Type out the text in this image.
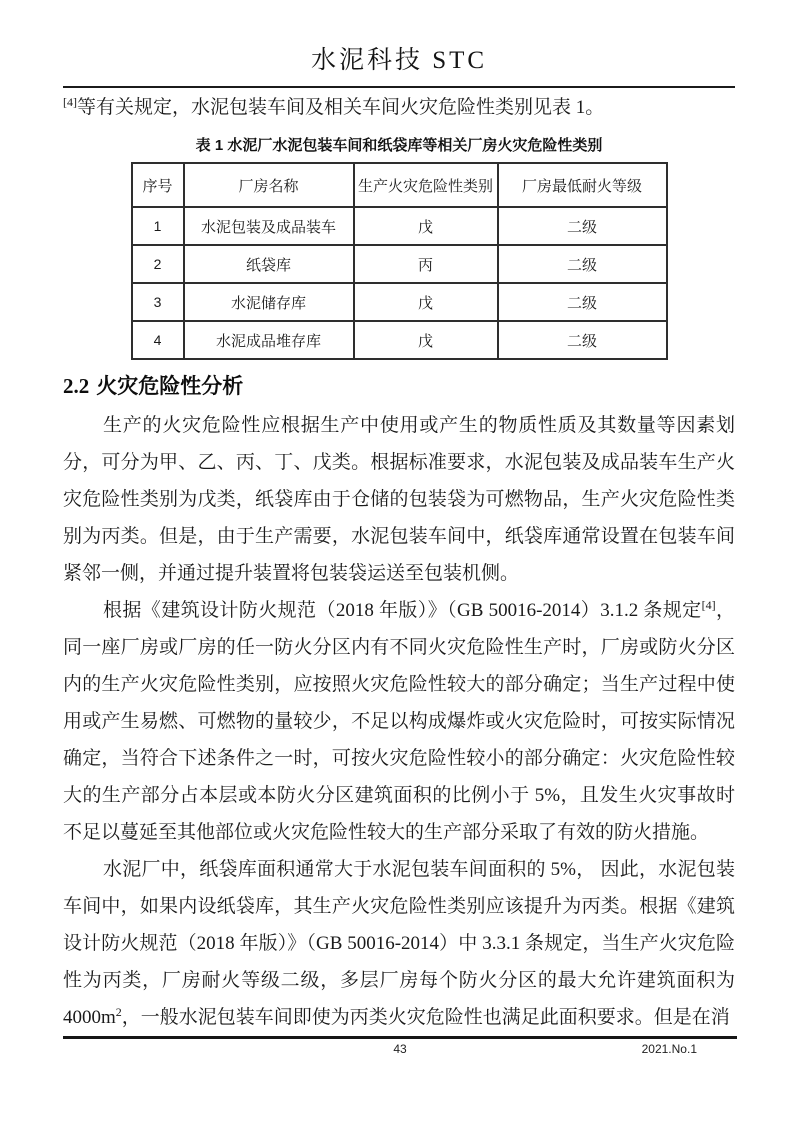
水泥科技 STC
[4]等有关规定，水泥包装车间及相关车间火灾危险性类别见表 1。
表 1 水泥厂水泥包装车间和纸袋库等相关厂房火灾危险性类别
序号	厂房名称	生产火灾危险性类别	厂房最低耐火等级
1	水泥包装及成品装车	戊	二级
2	纸袋库	丙	二级
3	水泥储存库	戊	二级
4	水泥成品堆存库	戊	二级
2.2 火灾危险性分析

生产的火灾危险性应根据生产中使用或产生的物质性质及其数量等因素划分，可分为甲、乙、丙、丁、戊类。根据标准要求，水泥包装及成品装车生产火灾危险性类别为戊类，纸袋库由于仓储的包装袋为可燃物品，生产火灾危险性类别为丙类。但是，由于生产需要，水泥包装车间中，纸袋库通常设置在包装车间紧邻一侧，并通过提升装置将包装袋运送至包装机侧。

根据《建筑设计防火规范（2018 年版）》（GB 50016-2014）3.1.2 条规定[4]，同一座厂房或厂房的任一防火分区内有不同火灾危险性生产时，厂房或防火分区内的生产火灾危险性类别，应按照火灾危险性较大的部分确定；当生产过程中使用或产生易燃、可燃物的量较少，不足以构成爆炸或火灾危险时，可按实际情况确定，当符合下述条件之一时，可按火灾危险性较小的部分确定：火灾危险性较大的生产部分占本层或本防火分区建筑面积的比例小于 5%，且发生火灾事故时不足以蔓延至其他部位或火灾危险性较大的生产部分采取了有效的防火措施。

水泥厂中，纸袋库面积通常大于水泥包装车间面积的 5%， 因此，水泥包装车间中，如果内设纸袋库，其生产火灾危险性类别应该提升为丙类。根据《建筑设计防火规范（2018 年版）》（GB 50016-2014）中 3.3.1 条规定，当生产火灾危险性为丙类，厂房耐火等级二级，多层厂房每个防火分区的最大允许建筑面积为4000m$^2$，一般水泥包装车间即使为丙类火灾危险性也满足此面积要求。但是在消

43	2021.No.1
